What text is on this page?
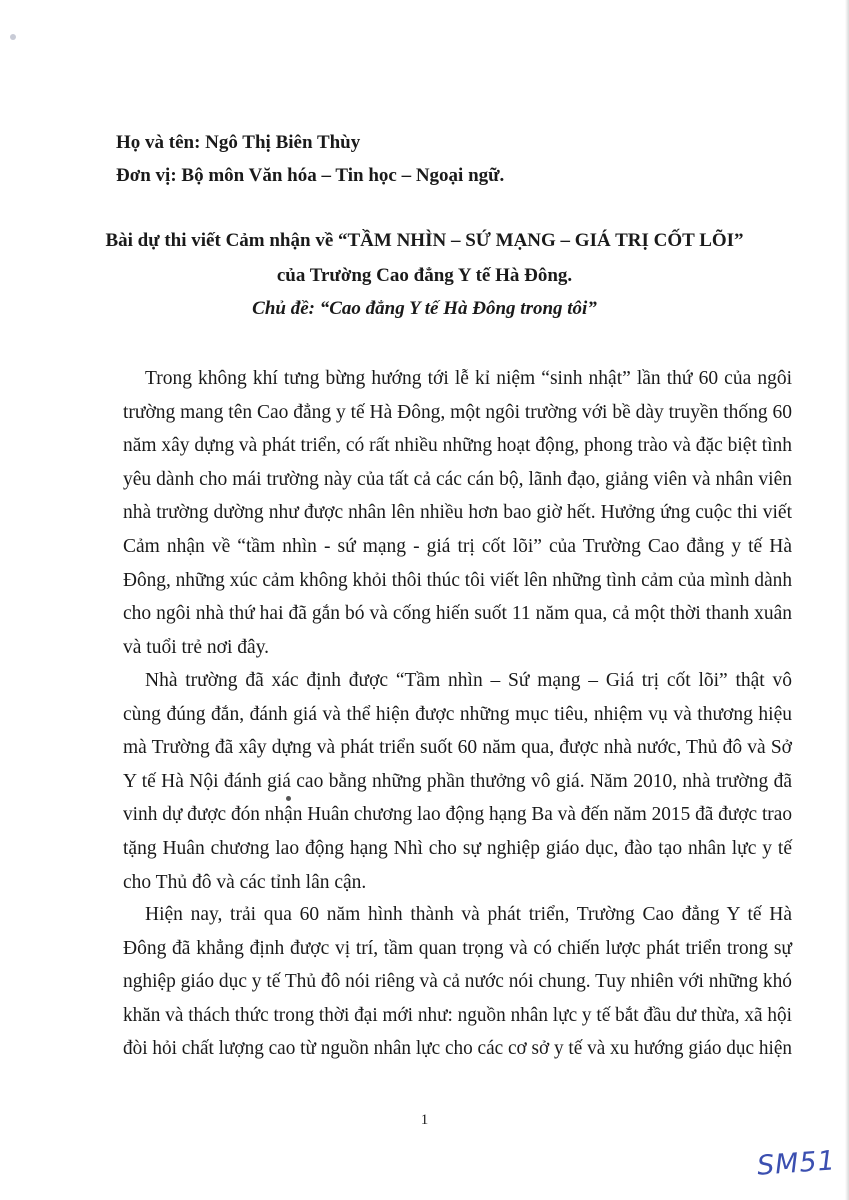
Họ và tên: Ngô Thị Biên Thùy
Đơn vị: Bộ môn Văn hóa – Tin học – Ngoại ngữ.
Bài dự thi viết Cảm nhận về “TẦM NHÌN – SỨ MẠNG – GIÁ TRỊ CỐT LÕI”
của Trường Cao đẳng Y tế Hà Đông.
Chủ đề: “Cao đẳng Y tế Hà Đông trong tôi”
Trong không khí tưng bừng hướng tới lễ kỉ niệm “sinh nhật” lần thứ 60 của ngôi
trường mang tên Cao đẳng y tế Hà Đông, một ngôi trường với bề dày truyền thống 60
năm xây dựng và phát triển, có rất nhiều những hoạt động, phong trào và đặc biệt tình
yêu dành cho mái trường này của tất cả các cán bộ, lãnh đạo, giảng viên và nhân viên
nhà trường dường như được nhân lên nhiều hơn bao giờ hết. Hưởng ứng cuộc thi viết
Cảm nhận về “tầm nhìn - sứ mạng - giá trị cốt lõi” của Trường Cao đẳng y tế Hà
Đông, những xúc cảm không khỏi thôi thúc tôi viết lên những tình cảm của mình dành
cho ngôi nhà thứ hai đã gắn bó và cống hiến suốt 11 năm qua, cả một thời thanh xuân
và tuổi trẻ nơi đây.
Nhà trường đã xác định được “Tầm nhìn – Sứ mạng – Giá trị cốt lõi” thật vô
cùng đúng đắn, đánh giá và thể hiện được những mục tiêu, nhiệm vụ và thương hiệu
mà Trường đã xây dựng và phát triển suốt 60 năm qua, được nhà nước, Thủ đô và Sở
Y tế Hà Nội đánh giá cao bằng những phần thưởng vô giá. Năm 2010, nhà trường đã
vinh dự được đón nhận Huân chương lao động hạng Ba và đến năm 2015 đã được trao
tặng Huân chương lao động hạng Nhì cho sự nghiệp giáo dục, đào tạo nhân lực y tế
cho Thủ đô và các tỉnh lân cận.
Hiện nay, trải qua 60 năm hình thành và phát triển, Trường Cao đẳng Y tế Hà
Đông đã khẳng định được vị trí, tầm quan trọng và có chiến lược phát triển trong sự
nghiệp giáo dục y tế Thủ đô nói riêng và cả nước nói chung. Tuy nhiên với những khó
khăn và thách thức trong thời đại mới như: nguồn nhân lực y tế bắt đầu dư thừa, xã hội
đòi hỏi chất lượng cao từ nguồn nhân lực cho các cơ sở y tế và xu hướng giáo dục hiện
1
SM51
